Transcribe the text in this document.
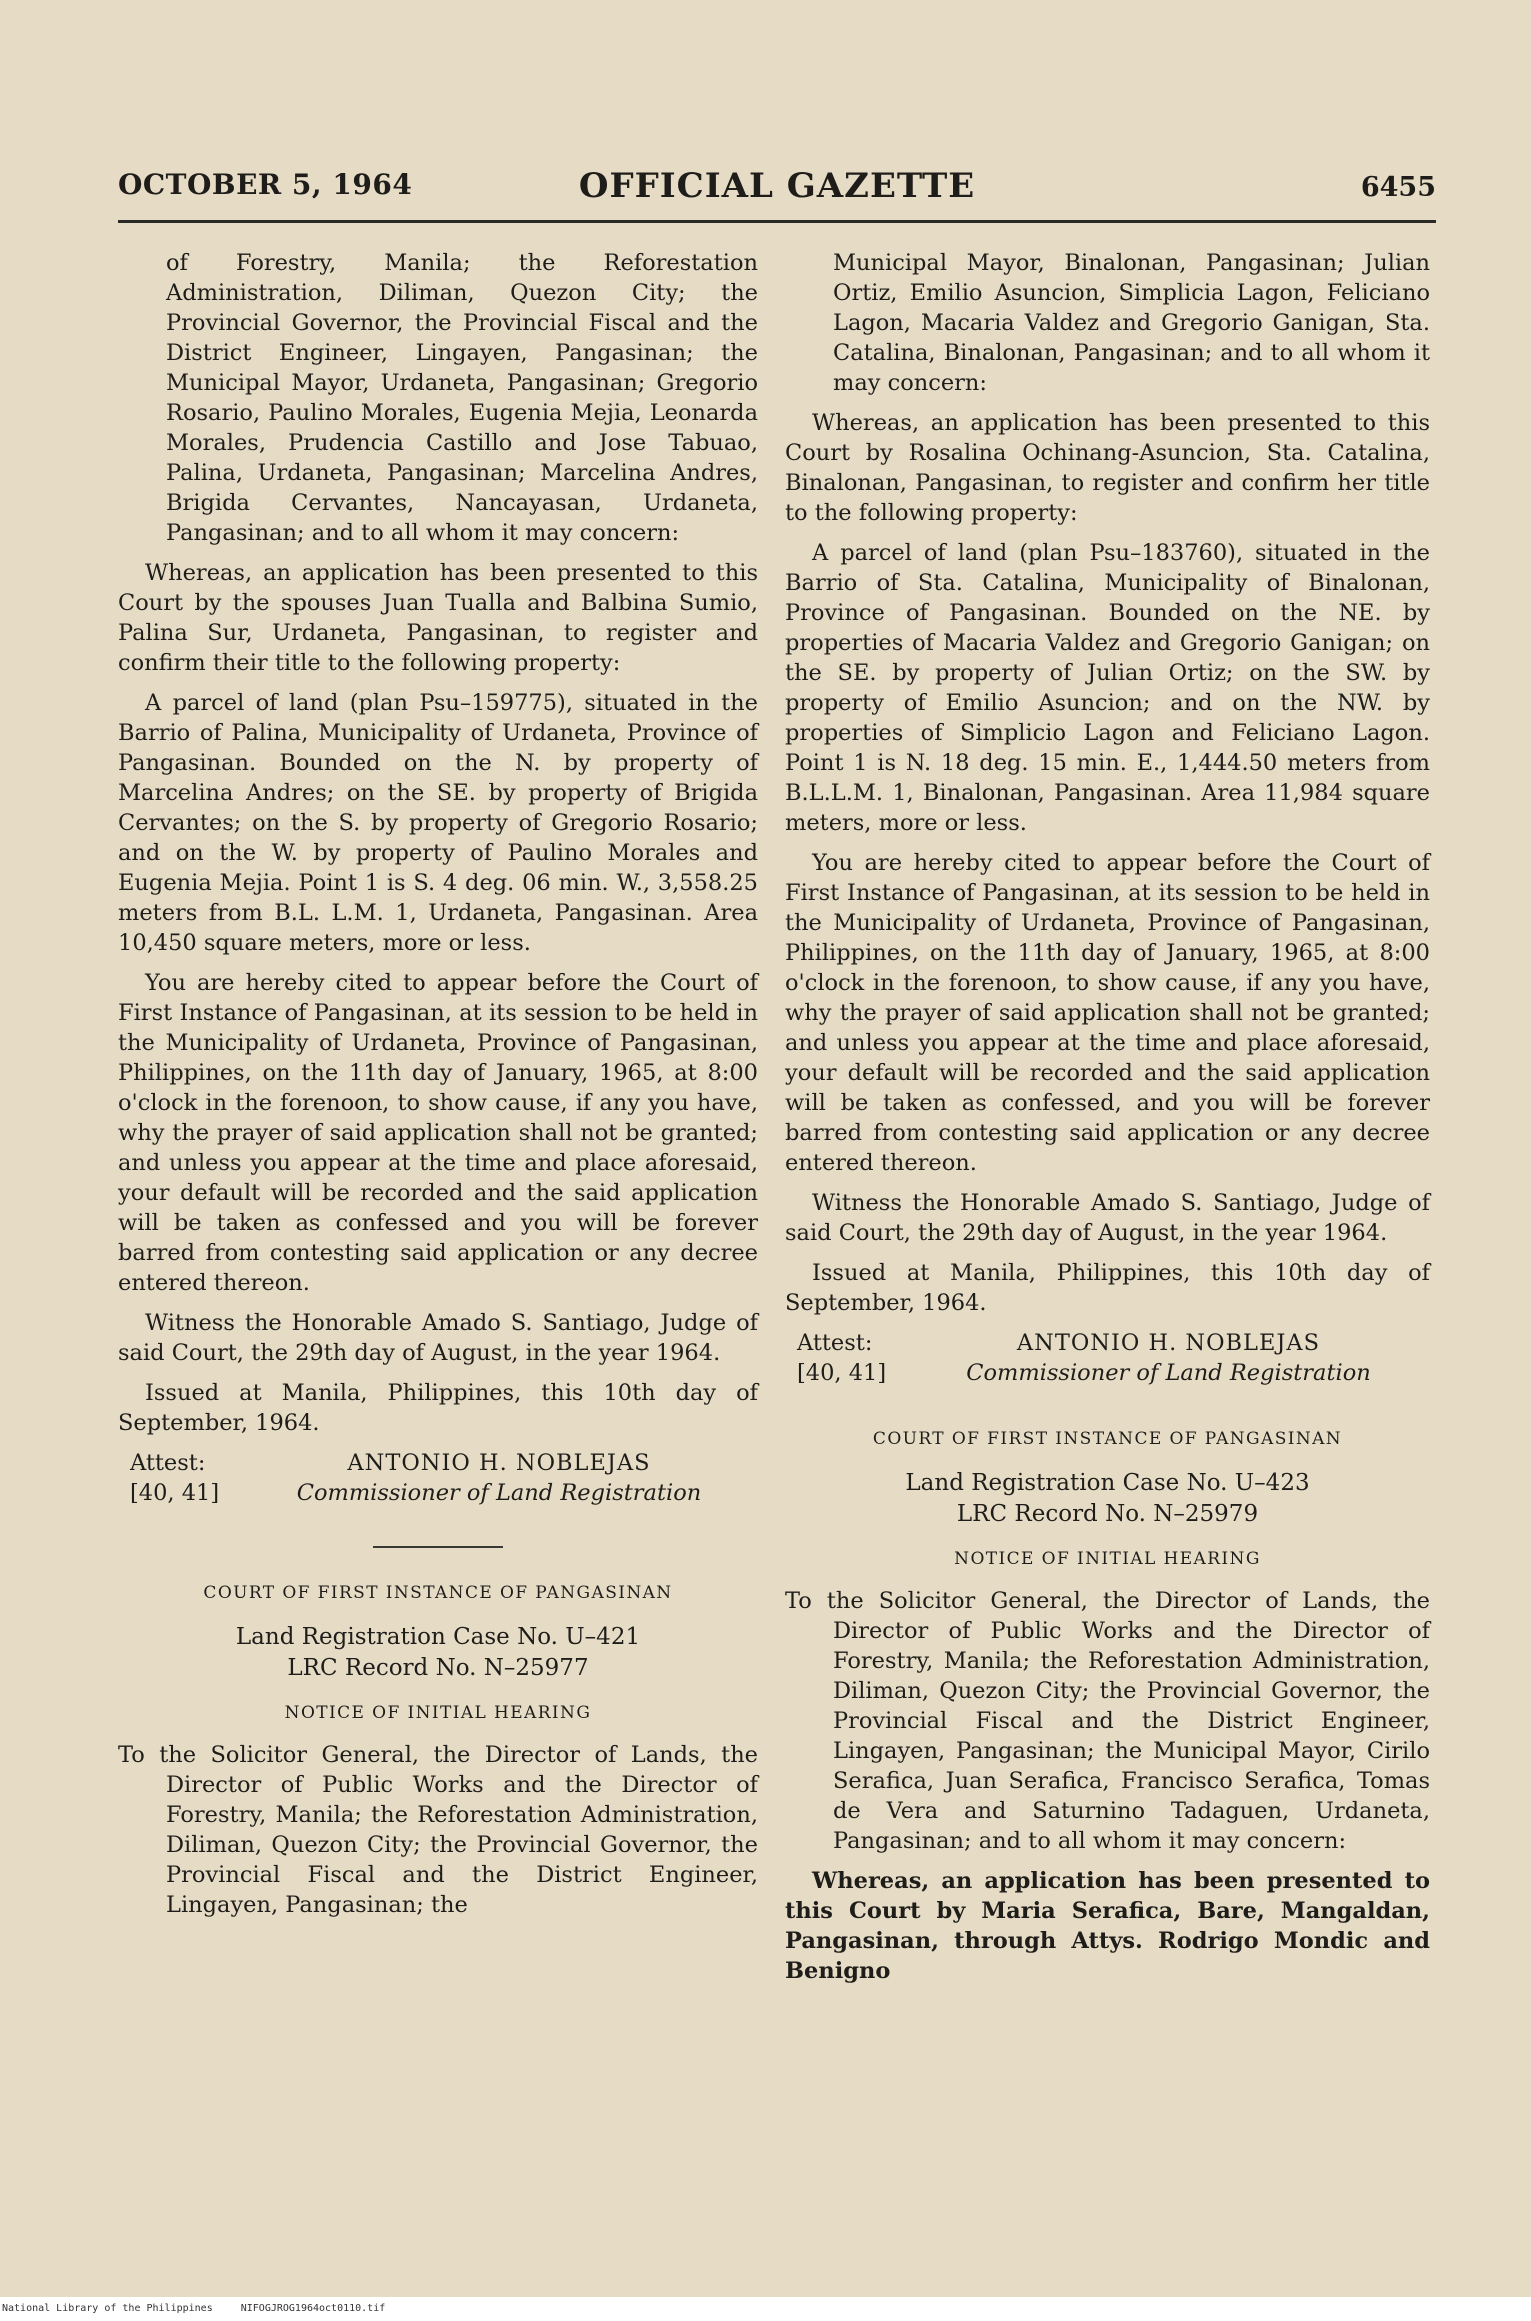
OCTOBER 5, 1964	OFFICIAL GAZETTE	6455

of Forestry, Manila; the Reforestation Administration, Diliman, Quezon City; the Provincial Governor, the Provincial Fiscal and the District Engineer, Lingayen, Pangasinan; the Municipal Mayor, Urdaneta, Pangasinan; Gregorio Rosario, Paulino Morales, Eugenia Mejia, Leonarda Morales, Prudencia Castillo and Jose Tabuao, Palina, Urdaneta, Pangasinan; Marcelina Andres, Brigida Cervantes, Nancayasan, Urdaneta, Pangasinan; and to all whom it may concern:

Whereas, an application has been presented to this Court by the spouses Juan Tualla and Balbina Sumio, Palina Sur, Urdaneta, Pangasinan, to register and confirm their title to the following property:

A parcel of land (plan Psu–159775), situated in the Barrio of Palina, Municipality of Urdaneta, Province of Pangasinan. Bounded on the N. by property of Marcelina Andres; on the SE. by property of Brigida Cervantes; on the S. by property of Gregorio Rosario; and on the W. by property of Paulino Morales and Eugenia Mejia. Point 1 is S. 4 deg. 06 min. W., 3,558.25 meters from B.L. L.M. 1, Urdaneta, Pangasinan. Area 10,450 square meters, more or less.

You are hereby cited to appear before the Court of First Instance of Pangasinan, at its session to be held in the Municipality of Urdaneta, Province of Pangasinan, Philippines, on the 11th day of January, 1965, at 8:00 o'clock in the forenoon, to show cause, if any you have, why the prayer of said application shall not be granted; and unless you appear at the time and place aforesaid, your default will be recorded and the said application will be taken as confessed and you will be forever barred from contesting said application or any decree entered thereon.

Witness the Honorable Amado S. Santiago, Judge of said Court, the 29th day of August, in the year 1964.

Issued at Manila, Philippines, this 10th day of September, 1964.

Attest:	ANTONIO H. NOBLEJAS
[40, 41]	Commissioner of Land Registration
COURT OF FIRST INSTANCE OF PANGASINAN
Land Registration Case No. U–421
LRC Record No. N–25977
NOTICE OF INITIAL HEARING

To the Solicitor General, the Director of Lands, the Director of Public Works and the Director of Forestry, Manila; the Reforestation Administration, Diliman, Quezon City; the Provincial Governor, the Provincial Fiscal and the District Engineer, Lingayen, Pangasinan; the

Municipal Mayor, Binalonan, Pangasinan; Julian Ortiz, Emilio Asuncion, Simplicia Lagon, Feliciano Lagon, Macaria Valdez and Gregorio Ganigan, Sta. Catalina, Binalonan, Pangasinan; and to all whom it may concern:

Whereas, an application has been presented to this Court by Rosalina Ochinang-Asuncion, Sta. Catalina, Binalonan, Pangasinan, to register and confirm her title to the following property:

A parcel of land (plan Psu–183760), situated in the Barrio of Sta. Catalina, Municipality of Binalonan, Province of Pangasinan. Bounded on the NE. by properties of Macaria Valdez and Gregorio Ganigan; on the SE. by property of Julian Ortiz; on the SW. by property of Emilio Asuncion; and on the NW. by properties of Simplicio Lagon and Feliciano Lagon. Point 1 is N. 18 deg. 15 min. E., 1,444.50 meters from B.L.L.M. 1, Binalonan, Pangasinan. Area 11,984 square meters, more or less.

You are hereby cited to appear before the Court of First Instance of Pangasinan, at its session to be held in the Municipality of Urdaneta, Province of Pangasinan, Philippines, on the 11th day of January, 1965, at 8:00 o'clock in the forenoon, to show cause, if any you have, why the prayer of said application shall not be granted; and unless you appear at the time and place aforesaid, your default will be recorded and the said application will be taken as confessed, and you will be forever barred from contesting said application or any decree entered thereon.

Witness the Honorable Amado S. Santiago, Judge of said Court, the 29th day of August, in the year 1964.

Issued at Manila, Philippines, this 10th day of September, 1964.

Attest:	ANTONIO H. NOBLEJAS
[40, 41]	Commissioner of Land Registration
COURT OF FIRST INSTANCE OF PANGASINAN
Land Registration Case No. U–423
LRC Record No. N–25979
NOTICE OF INITIAL HEARING

To the Solicitor General, the Director of Lands, the Director of Public Works and the Director of Forestry, Manila; the Reforestation Administration, Diliman, Quezon City; the Provincial Governor, the Provincial Fiscal and the District Engineer, Lingayen, Pangasinan; the Municipal Mayor, Cirilo Serafica, Juan Serafica, Francisco Serafica, Tomas de Vera and Saturnino Tadaguen, Urdaneta, Pangasinan; and to all whom it may concern:

Whereas, an application has been presented to this Court by Maria Serafica, Bare, Mangaldan, Pangasinan, through Attys. Rodrigo Mondic and Benigno

National Library of the Philippines	NIFOGJROG1964oct0110.tif
